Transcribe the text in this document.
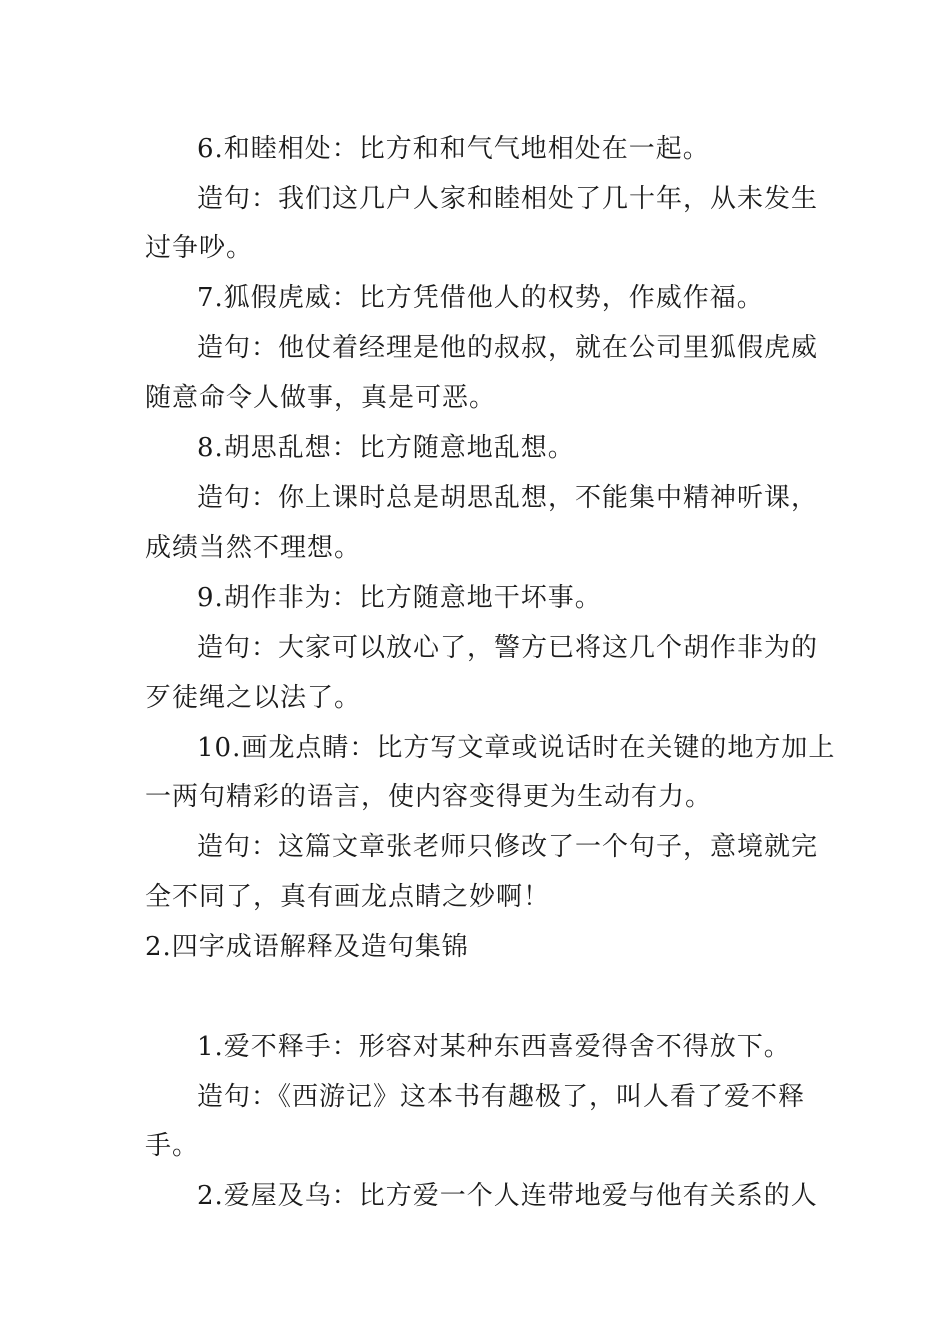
6.和睦相处：比方和和气气地相处在一起。
造句：我们这几户人家和睦相处了几十年，从未发生
过争吵。
7.狐假虎威：比方凭借他人的权势，作威作福。
造句：他仗着经理是他的叔叔，就在公司里狐假虎威
随意命令人做事，真是可恶。
8.胡思乱想：比方随意地乱想。
造句：你上课时总是胡思乱想，不能集中精神听课，
成绩当然不理想。
9.胡作非为：比方随意地干坏事。
造句：大家可以放心了，警方已将这几个胡作非为的
歹徒绳之以法了。
10.画龙点睛：比方写文章或说话时在关键的地方加上
一两句精彩的语言，使内容变得更为生动有力。
造句：这篇文章张老师只修改了一个句子，意境就完
全不同了，真有画龙点睛之妙啊！
2.四字成语解释及造句集锦
1.爱不释手：形容对某种东西喜爱得舍不得放下。
造句：《西游记》这本书有趣极了，叫人看了爱不释
手。
2.爱屋及乌：比方爱一个人连带地爱与他有关系的人
